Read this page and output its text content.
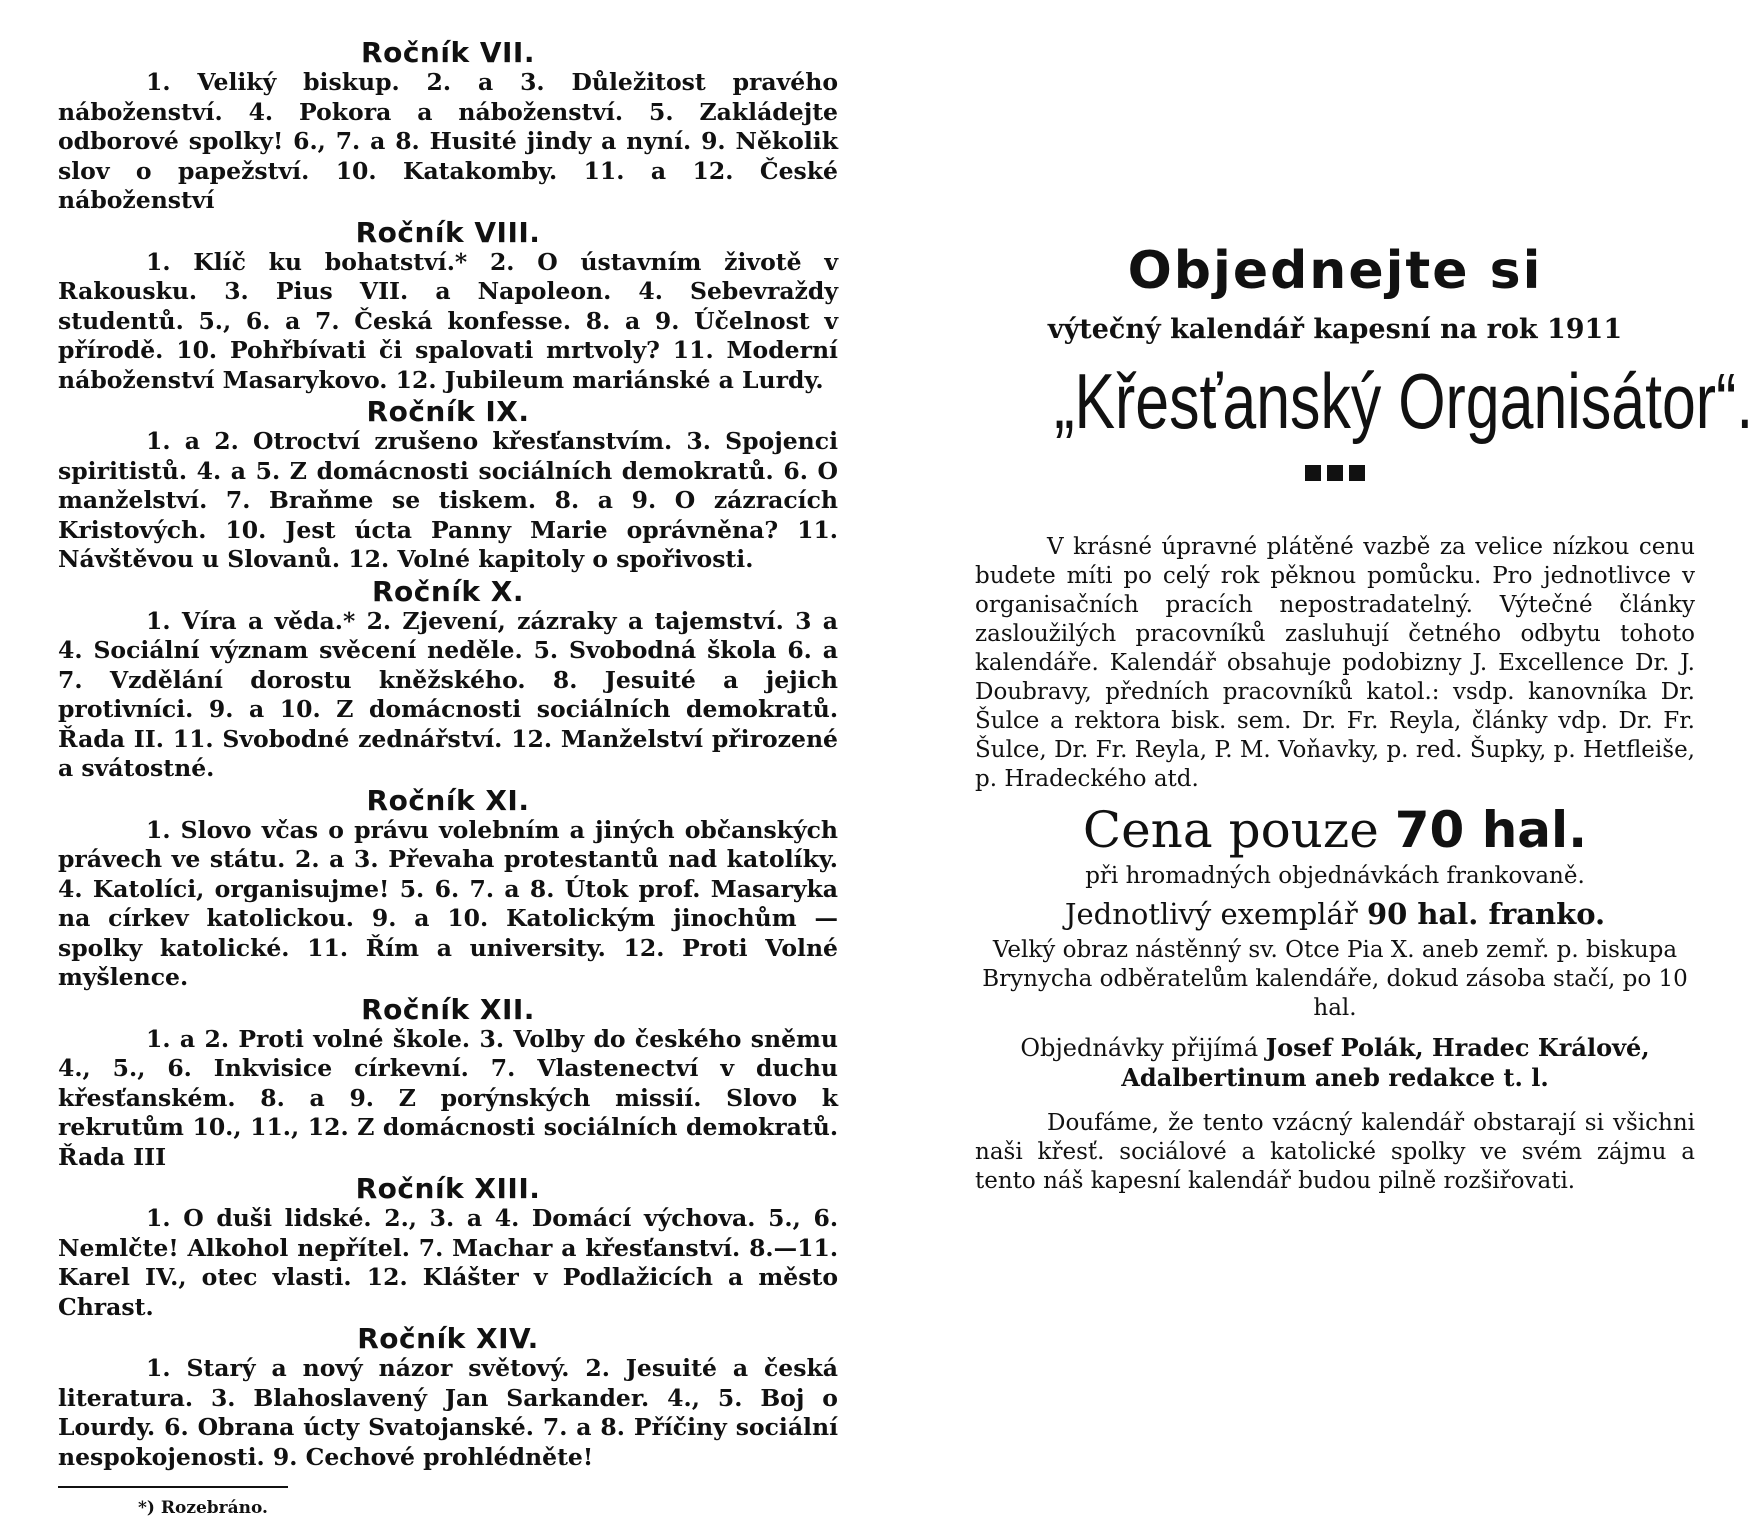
Ročník VII.

1. Veliký biskup. 2. a 3. Důležitost pravého náboženství. 4. Pokora a náboženství. 5. Zakládejte odborové spolky! 6., 7. a 8. Husité jindy a nyní. 9. Několik slov o papežství. 10. Katakomby. 11. a 12. České náboženství

Ročník VIII.

1. Klíč ku bohatství.* 2. O ústavním životě v Rakousku. 3. Pius VII. a Napoleon. 4. Sebevraždy studentů. 5., 6. a 7. Česká konfesse. 8. a 9. Účelnost v přírodě. 10. Pohřbívati či spalovati mrtvoly? 11. Moderní náboženství Masarykovo. 12. Jubileum mariánské a Lurdy.

Ročník IX.

1. a 2. Otroctví zrušeno křesťanstvím. 3. Spojenci spiritistů. 4. a 5. Z domácnosti sociálních demokratů. 6. O manželství. 7. Braňme se tiskem. 8. a 9. O zázracích Kristových. 10. Jest úcta Panny Marie oprávněna? 11. Návštěvou u Slovanů. 12. Volné kapitoly o spořivosti.

Ročník X.

1. Víra a věda.* 2. Zjevení, zázraky a tajemství. 3 a 4. Sociální význam svěcení neděle. 5. Svobodná škola 6. a 7. Vzdělání dorostu kněžského. 8. Jesuité a jejich protivníci. 9. a 10. Z domácnosti sociálních demokratů. Řada II. 11. Svobodné zednářství. 12. Manželství přirozené a svátostné.

Ročník XI.

1. Slovo včas o právu volebním a jiných občanských právech ve státu. 2. a 3. Převaha protestantů nad katolíky. 4. Katolíci, organisujme! 5. 6. 7. a 8. Útok prof. Masaryka na církev katolickou. 9. a 10. Katolickým jinochům — spolky katolické. 11. Řím a university. 12. Proti Volné myšlence.

Ročník XII.

1. a 2. Proti volné škole. 3. Volby do českého sněmu 4., 5., 6. Inkvisice církevní. 7. Vlastenectví v duchu křesťanském. 8. a 9. Z porýnských missií. Slovo k rekrutům 10., 11., 12. Z domácnosti sociálních demokratů. Řada III

Ročník XIII.

1. O duši lidské. 2., 3. a 4. Domácí výchova. 5., 6. Nemlčte! Alkohol nepřítel. 7. Machar a křesťanství. 8.—11. Karel IV., otec vlasti. 12. Klášter v Podlažicích a město Chrast.

Ročník XIV.

1. Starý a nový názor světový. 2. Jesuité a česká literatura. 3. Blahoslavený Jan Sarkander. 4., 5. Boj o Lourdy. 6. Obrana úcty Svatojanské. 7. a 8. Příčiny sociální nespokojenosti. 9. Cechové prohlédněte!

*) Rozebráno.
Objednejte si
výtečný kalendář kapesní na rok 1911
„Křesťanský Organisátor“.

V krásné úpravné plátěné vazbě za velice nízkou cenu budete míti po celý rok pěknou pomůcku. Pro jednotlivce v organisačních pracích nepostradatelný. Výtečné články zasloužilých pracovníků zasluhují četného odbytu tohoto kalendáře. Kalendář obsahuje podobizny J. Excellence Dr. J. Doubravy, předních pracovníků katol.: vsdp. kanovníka Dr. Šulce a rektora bisk. sem. Dr. Fr. Reyla, články vdp. Dr. Fr. Šulce, Dr. Fr. Reyla, P. M. Voňavky, p. red. Šupky, p. Hetfleiše, p. Hradeckého atd.

Cena pouze 70 hal.

při hromadných objednávkách frankovaně.

Jednotlivý exemplář 90 hal. franko.

Velký obraz nástěnný sv. Otce Pia X. aneb zemř. p. biskupa Brynycha odběratelům kalendáře, dokud zásoba stačí, po 10 hal.

Objednávky přijímá Josef Polák, Hradec Králové, Adalbertinum aneb redakce t. l.

Doufáme, že tento vzácný kalendář obstarají si všichni naši křesť. sociálové a katolické spolky ve svém zájmu a tento náš kapesní kalendář budou pilně rozšiřovati.
